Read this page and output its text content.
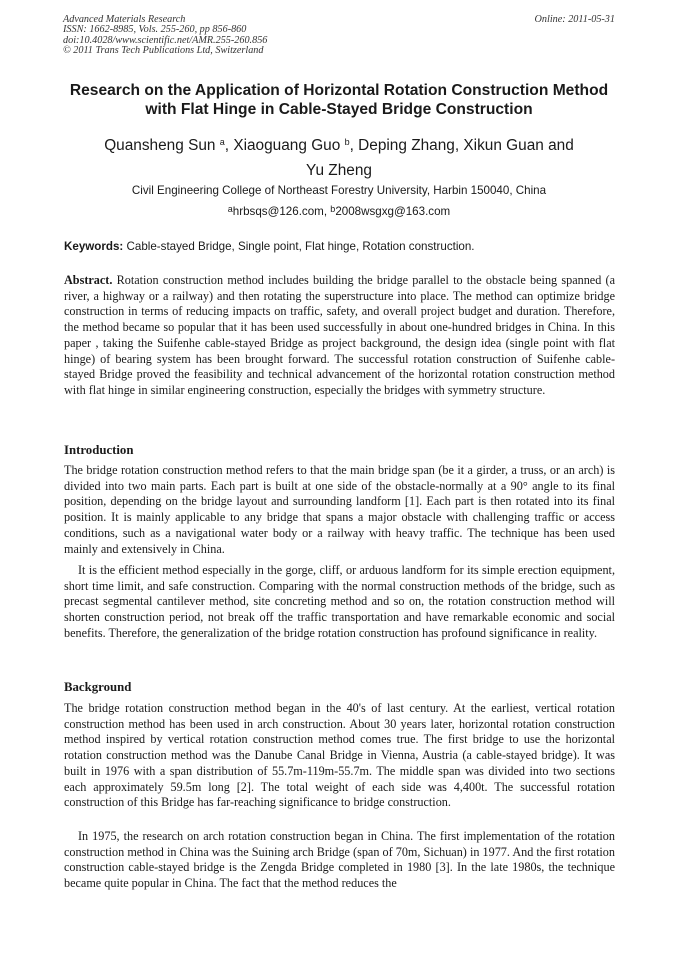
Advanced Materials Research
ISSN: 1662-8985, Vols. 255-260, pp 856-860
doi:10.4028/www.scientific.net/AMR.255-260.856
© 2011 Trans Tech Publications Ltd, Switzerland
Online: 2011-05-31
Research on the Application of Horizontal Rotation Construction Method
with Flat Hinge in Cable-Stayed Bridge Construction
Quansheng Sun $^a$, Xiaoguang Guo $^b$, Deping Zhang, Xikun Guan and
Yu Zheng
Civil Engineering College of Northeast Forestry University, Harbin 150040, China
$^a$hrbsqs@126.com, $^b$2008wsgxg@163.com
Keywords: Cable-stayed Bridge, Single point, Flat hinge, Rotation construction.
Abstract. Rotation construction method includes building the bridge parallel to the obstacle being spanned (a river, a highway or a railway) and then rotating the superstructure into place. The method can optimize bridge construction in terms of reducing impacts on traffic, safety, and overall project budget and duration. Therefore, the method became so popular that it has been used successfully in about one-hundred bridges in China. In this paper , taking the Suifenhe cable-stayed Bridge as project background, the design idea (single point with flat hinge) of bearing system has been brought forward. The successful rotation construction of Suifenhe cable-stayed Bridge proved the feasibility and technical advancement of the horizontal rotation construction method with flat hinge in similar engineering construction, especially the bridges with symmetry structure.
Introduction
The bridge rotation construction method refers to that the main bridge span (be it a girder, a truss, or an arch) is divided into two main parts. Each part is built at one side of the obstacle-normally at a 90° angle to its final position, depending on the bridge layout and surrounding landform [1]. Each part is then rotated into its final position. It is mainly applicable to any bridge that spans a major obstacle with challenging traffic or access conditions, such as a navigational water body or a railway with heavy traffic. The technique has been used mainly and extensively in China.
It is the efficient method especially in the gorge, cliff, or arduous landform for its simple erection equipment, short time limit, and safe construction. Comparing with the normal construction methods of the bridge, such as precast segmental cantilever method, site concreting method and so on, the rotation construction method will shorten construction period, not break off the traffic transportation and have remarkable economic and social benefits. Therefore, the generalization of the bridge rotation construction has profound significance in reality.
Background
The bridge rotation construction method began in the 40's of last century. At the earliest, vertical rotation construction method has been used in arch construction. About 30 years later, horizontal rotation construction method inspired by vertical rotation construction method comes true. The first bridge to use the horizontal rotation construction method was the Danube Canal Bridge in Vienna, Austria (a cable-stayed bridge). It was built in 1976 with a span distribution of 55.7m-119m-55.7m. The middle span was divided into two sections each approximately 59.5m long [2]. The total weight of each side was 4,400t. The successful rotation construction of this Bridge has far-reaching significance to bridge construction.
In 1975, the research on arch rotation construction began in China. The first implementation of the rotation construction method in China was the Suining arch Bridge (span of 70m, Sichuan) in 1977. And the first rotation construction cable-stayed bridge is the Zengda Bridge completed in 1980 [3]. In the late 1980s, the technique became quite popular in China. The fact that the method reduces the
